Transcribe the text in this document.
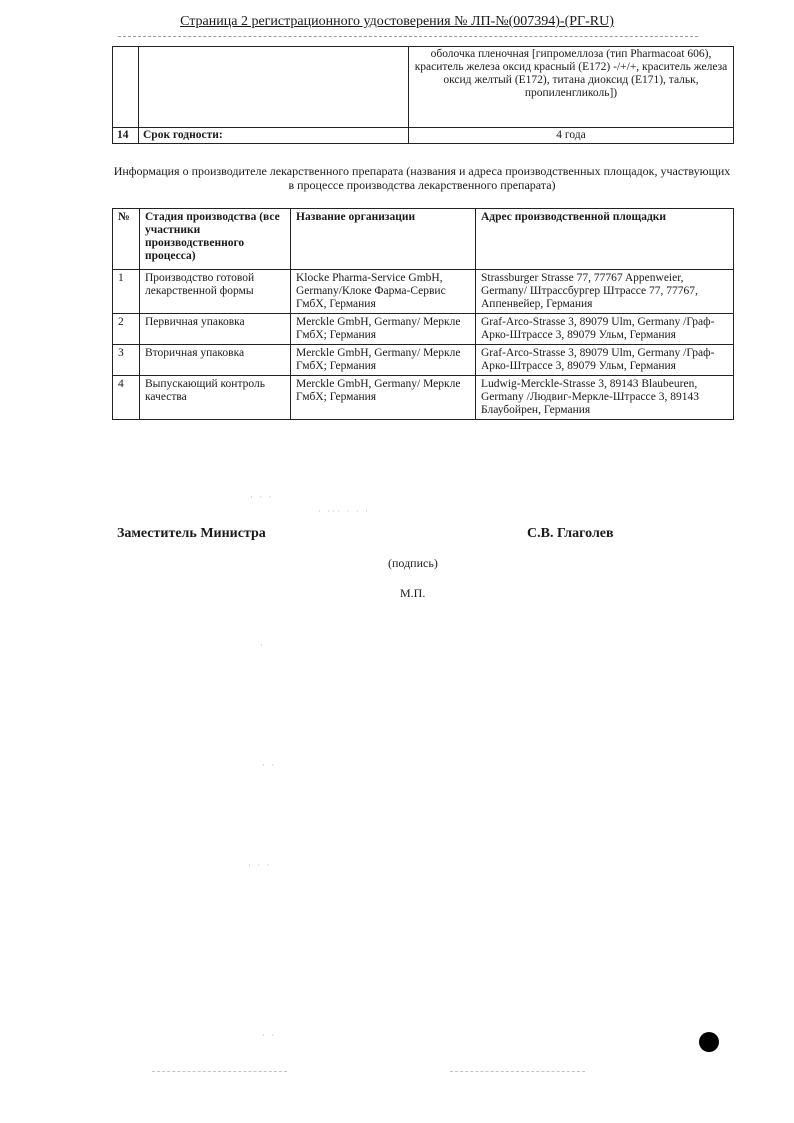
Страница 2 регистрационного удостоверения № ЛП-№(007394)-(РГ-RU)
		оболочка пленочная [гипромеллоза (тип Pharmacoat 606), краситель железа оксид красный (Е172) -/+/+, краситель железа оксид желтый (Е172), титана диоксид (Е171), тальк, пропиленгликоль])
14	Срок годности:	4 года
Информация о производителе лекарственного препарата (названия и адреса производственных площадок, участвующих в процессе производства лекарственного препарата)
№	Стадия производства (все участники производственного процесса)	Название организации	Адрес производственной площадки
1	Производство готовой лекарственной формы	Klocke Pharma-Service GmbH, Germany/Клоке Фарма-Сервис ГмбХ, Германия	Strassburger Strasse 77, 77767 Appenweier, Germany/ Штрассбургер Штрассе 77, 77767, Аппенвейер, Германия
2	Первичная упаковка	Merckle GmbH, Germany/ Меркле ГмбХ; Германия	Graf-Arco-Strasse 3, 89079 Ulm, Germany /Граф-Арко-Штрассе 3, 89079 Ульм, Германия
3	Вторичная упаковка	Merckle GmbH, Germany/ Меркле ГмбХ; Германия	Graf-Arco-Strasse 3, 89079 Ulm, Germany /Граф-Арко-Штрассе 3, 89079 Ульм, Германия
4	Выпускающий контроль качества	Merckle GmbH, Germany/ Меркле ГмбХ; Германия	Ludwig-Merckle-Strasse 3, 89143 Blaubeuren, Germany /Людвиг-Меркле-Штрассе 3, 89143 Блаубойрен, Германия
· · ·
· ··· · · ·
·
· ·
· · ·
· ·
Заместитель Министра	С.В. Глаголев
(подпись)
М.П.
